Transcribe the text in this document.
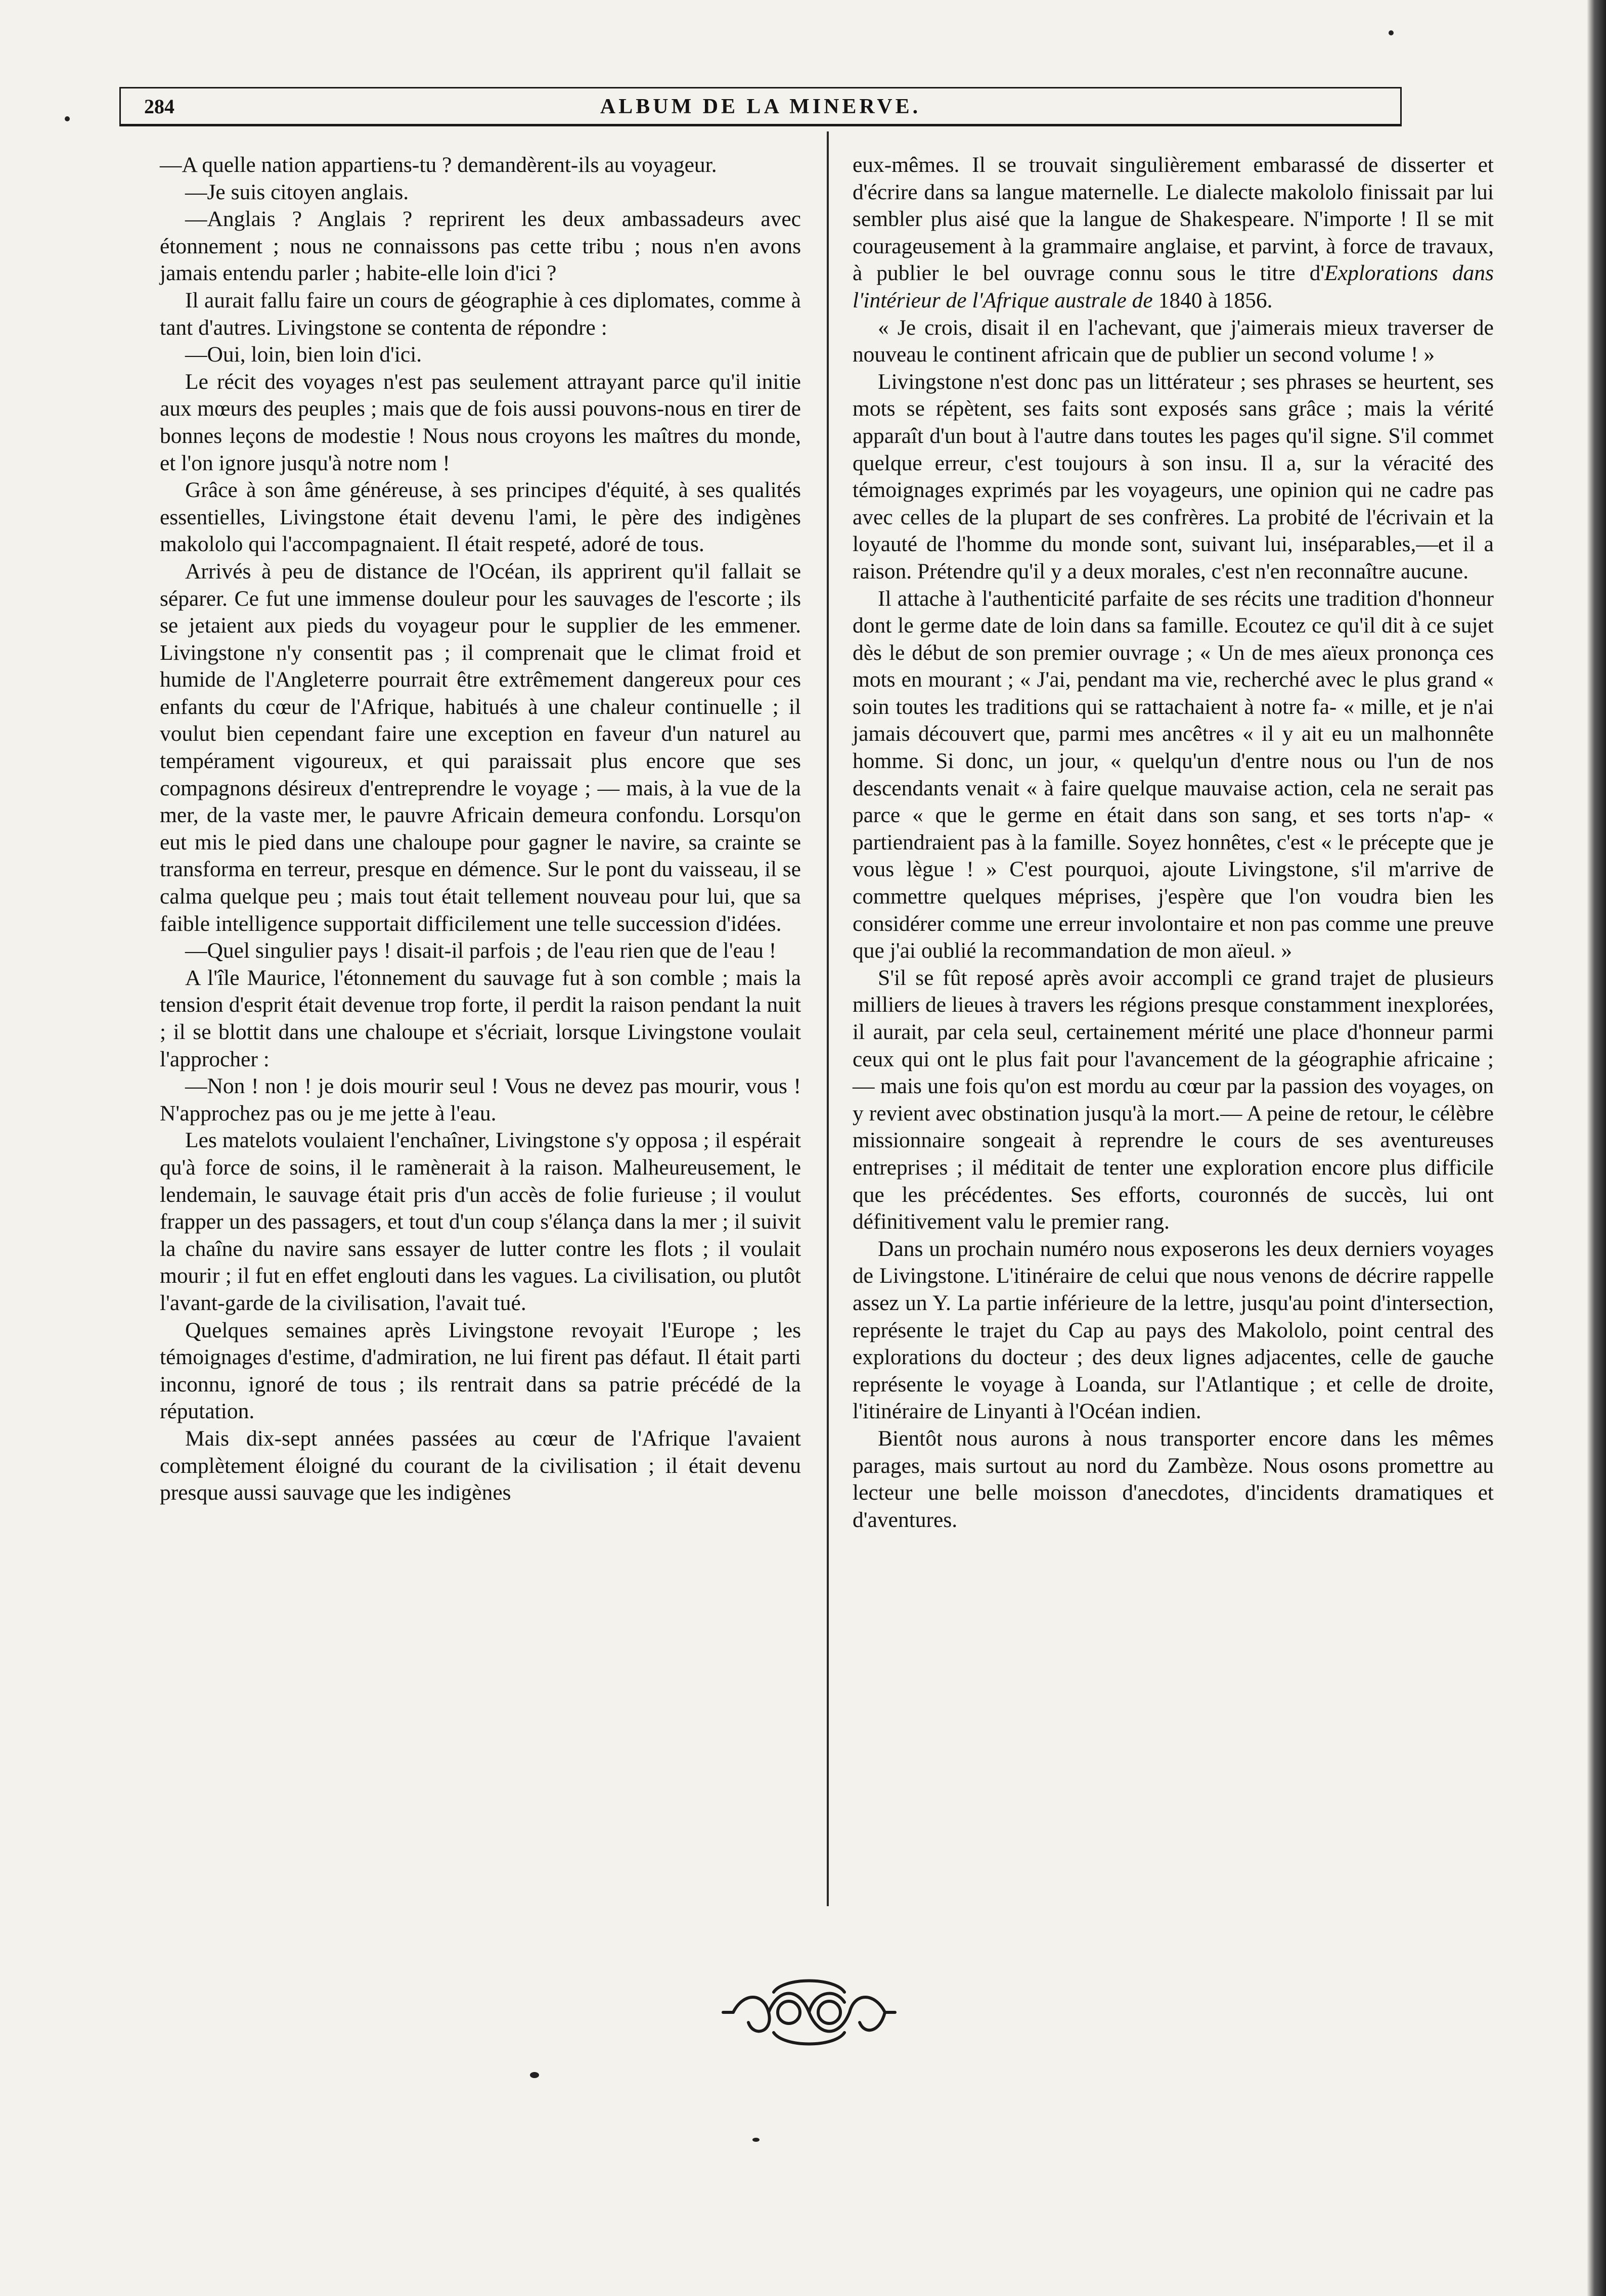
284	ALBUM DE LA MINERVE.

—A quelle nation appartiens-tu ? demandèrent-ils au voyageur.

—Je suis citoyen anglais.

—Anglais ? Anglais ? reprirent les deux ambassadeurs avec étonnement ; nous ne connaissons pas cette tribu ; nous n'en avons jamais entendu parler ; habite-elle loin d'ici ?

Il aurait fallu faire un cours de géographie à ces diplomates, comme à tant d'autres. Livingstone se contenta de répondre :

—Oui, loin, bien loin d'ici.

Le récit des voyages n'est pas seulement attrayant parce qu'il initie aux mœurs des peuples ; mais que de fois aussi pouvons-nous en tirer de bonnes leçons de modestie ! Nous nous croyons les maîtres du monde, et l'on ignore jusqu'à notre nom !

Grâce à son âme généreuse, à ses principes d'équité, à ses qualités essentielles, Livingstone était devenu l'ami, le père des indigènes makololo qui l'accompagnaient. Il était respeté, adoré de tous.

Arrivés à peu de distance de l'Océan, ils apprirent qu'il fallait se séparer. Ce fut une immense douleur pour les sauvages de l'escorte ; ils se jetaient aux pieds du voyageur pour le supplier de les emmener. Livingstone n'y consentit pas ; il comprenait que le climat froid et humide de l'Angleterre pourrait être extrêmement dangereux pour ces enfants du cœur de l'Afrique, habitués à une chaleur continuelle ; il voulut bien cependant faire une exception en faveur d'un naturel au tempérament vigoureux, et qui paraissait plus encore que ses compagnons désireux d'entreprendre le voyage ; — mais, à la vue de la mer, de la vaste mer, le pauvre Africain demeura confondu. Lorsqu'on eut mis le pied dans une chaloupe pour gagner le navire, sa crainte se transforma en terreur, presque en démence. Sur le pont du vaisseau, il se calma quelque peu ; mais tout était tellement nouveau pour lui, que sa faible intelligence supportait difficilement une telle succession d'idées.

—Quel singulier pays ! disait-il parfois ; de l'eau rien que de l'eau !

A l'île Maurice, l'étonnement du sauvage fut à son comble ; mais la tension d'esprit était devenue trop forte, il perdit la raison pendant la nuit ; il se blottit dans une chaloupe et s'écriait, lorsque Livingstone voulait l'approcher :

—Non ! non ! je dois mourir seul ! Vous ne devez pas mourir, vous ! N'approchez pas ou je me jette à l'eau.

Les matelots voulaient l'enchaîner, Livingstone s'y opposa ; il espérait qu'à force de soins, il le ramènerait à la raison. Malheureusement, le lendemain, le sauvage était pris d'un accès de folie furieuse ; il voulut frapper un des passagers, et tout d'un coup s'élança dans la mer ; il suivit la chaîne du navire sans essayer de lutter contre les flots ; il voulait mourir ; il fut en effet englouti dans les vagues. La civilisation, ou plutôt l'avant-garde de la civilisation, l'avait tué.

Quelques semaines après Livingstone revoyait l'Europe ; les témoignages d'estime, d'admiration, ne lui firent pas défaut. Il était parti inconnu, ignoré de tous ; ils rentrait dans sa patrie précédé de la réputation.

Mais dix-sept années passées au cœur de l'Afrique l'avaient complètement éloigné du courant de la civilisation ; il était devenu presque aussi sauvage que les indigènes

eux-mêmes. Il se trouvait singulièrement embarassé de disserter et d'écrire dans sa langue maternelle. Le dialecte makololo finissait par lui sembler plus aisé que la langue de Shakespeare. N'importe ! Il se mit courageusement à la grammaire anglaise, et parvint, à force de travaux, à publier le bel ouvrage connu sous le titre d'Explorations dans l'intérieur de l'Afrique australe de 1840 à 1856.

« Je crois, disait il en l'achevant, que j'aimerais mieux traverser de nouveau le continent africain que de publier un second volume ! »

Livingstone n'est donc pas un littérateur ; ses phrases se heurtent, ses mots se répètent, ses faits sont exposés sans grâce ; mais la vérité apparaît d'un bout à l'autre dans toutes les pages qu'il signe. S'il commet quelque erreur, c'est toujours à son insu. Il a, sur la véracité des témoignages exprimés par les voyageurs, une opinion qui ne cadre pas avec celles de la plupart de ses confrères. La probité de l'écrivain et la loyauté de l'homme du monde sont, suivant lui, inséparables,—et il a raison. Prétendre qu'il y a deux morales, c'est n'en reconnaître aucune.

Il attache à l'authenticité parfaite de ses récits une tradition d'honneur dont le germe date de loin dans sa famille. Ecoutez ce qu'il dit à ce sujet dès le début de son premier ouvrage ; « Un de mes aïeux prononça ces mots en mourant ; « J'ai, pendant ma vie, recherché avec le plus grand « soin toutes les traditions qui se rattachaient à notre fa- « mille, et je n'ai jamais découvert que, parmi mes ancêtres « il y ait eu un malhonnête homme. Si donc, un jour, « quelqu'un d'entre nous ou l'un de nos descendants venait « à faire quelque mauvaise action, cela ne serait pas parce « que le germe en était dans son sang, et ses torts n'ap- « partiendraient pas à la famille. Soyez honnêtes, c'est « le précepte que je vous lègue ! » C'est pourquoi, ajoute Livingstone, s'il m'arrive de commettre quelques méprises, j'espère que l'on voudra bien les considérer comme une erreur involontaire et non pas comme une preuve que j'ai oublié la recommandation de mon aïeul. »

S'il se fût reposé après avoir accompli ce grand trajet de plusieurs milliers de lieues à travers les régions presque constamment inexplorées, il aurait, par cela seul, certainement mérité une place d'honneur parmi ceux qui ont le plus fait pour l'avancement de la géographie africaine ; — mais une fois qu'on est mordu au cœur par la passion des voyages, on y revient avec obstination jusqu'à la mort.— A peine de retour, le célèbre missionnaire songeait à reprendre le cours de ses aventureuses entreprises ; il méditait de tenter une exploration encore plus difficile que les précédentes. Ses efforts, couronnés de succès, lui ont définitivement valu le premier rang.

Dans un prochain numéro nous exposerons les deux derniers voyages de Livingstone. L'itinéraire de celui que nous venons de décrire rappelle assez un Y. La partie inférieure de la lettre, jusqu'au point d'intersection, représente le trajet du Cap au pays des Makololo, point central des explorations du docteur ; des deux lignes adjacentes, celle de gauche représente le voyage à Loanda, sur l'Atlantique ; et celle de droite, l'itinéraire de Linyanti à l'Océan indien.

Bientôt nous aurons à nous transporter encore dans les mêmes parages, mais surtout au nord du Zambèze. Nous osons promettre au lecteur une belle moisson d'anecdotes, d'incidents dramatiques et d'aventures.
